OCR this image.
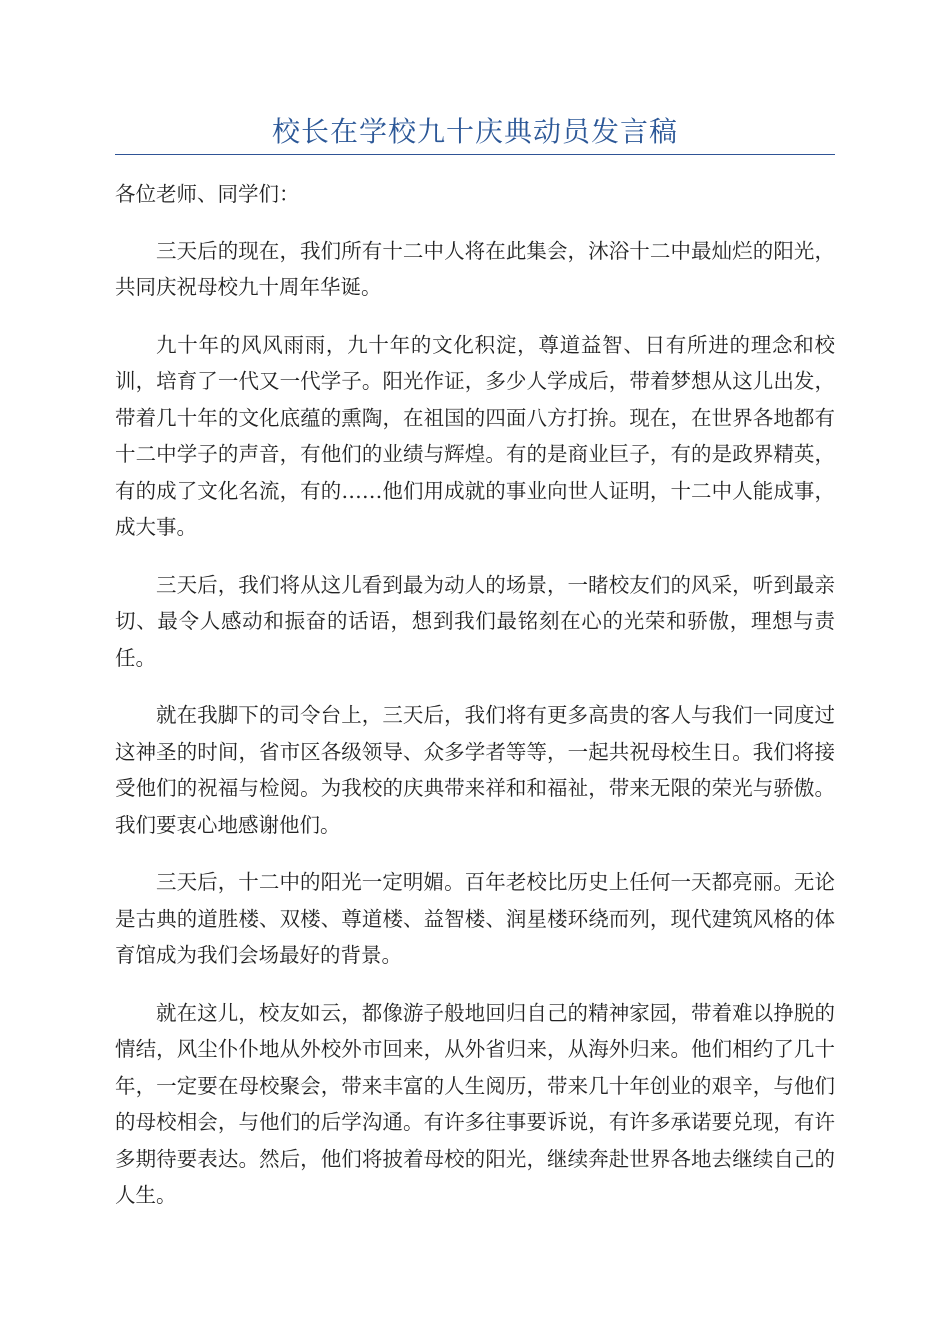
校长在学校九十庆典动员发言稿

各位老师、同学们：

三天后的现在，我们所有十二中人将在此集会，沐浴十二中最灿烂的阳光，共同庆祝母校九十周年华诞。

九十年的风风雨雨，九十年的文化积淀，尊道益智、日有所进的理念和校训，培育了一代又一代学子。阳光作证，多少人学成后，带着梦想从这儿出发，带着几十年的文化底蕴的熏陶，在祖国的四面八方打拚。现在，在世界各地都有十二中学子的声音，有他们的业绩与辉煌。有的是商业巨子，有的是政界精英，有的成了文化名流，有的……他们用成就的事业向世人证明，十二中人能成事，成大事。

三天后，我们将从这儿看到最为动人的场景，一睹校友们的风采，听到最亲切、最令人感动和振奋的话语，想到我们最铭刻在心的光荣和骄傲，理想与责任。

就在我脚下的司令台上，三天后，我们将有更多高贵的客人与我们一同度过这神圣的时间，省市区各级领导、众多学者等等，一起共祝母校生日。我们将接受他们的祝福与检阅。为我校的庆典带来祥和和福祉，带来无限的荣光与骄傲。我们要衷心地感谢他们。

三天后，十二中的阳光一定明媚。百年老校比历史上任何一天都亮丽。无论是古典的道胜楼、双楼、尊道楼、益智楼、润星楼环绕而列，现代建筑风格的体育馆成为我们会场最好的背景。

就在这儿，校友如云，都像游子般地回归自己的精神家园，带着难以挣脱的情结，风尘仆仆地从外校外市回来，从外省归来，从海外归来。他们相约了几十年，一定要在母校聚会，带来丰富的人生阅历，带来几十年创业的艰辛，与他们的母校相会，与他们的后学沟通。有许多往事要诉说，有许多承诺要兑现，有许多期待要表达。然后，他们将披着母校的阳光，继续奔赴世界各地去继续自己的人生。
